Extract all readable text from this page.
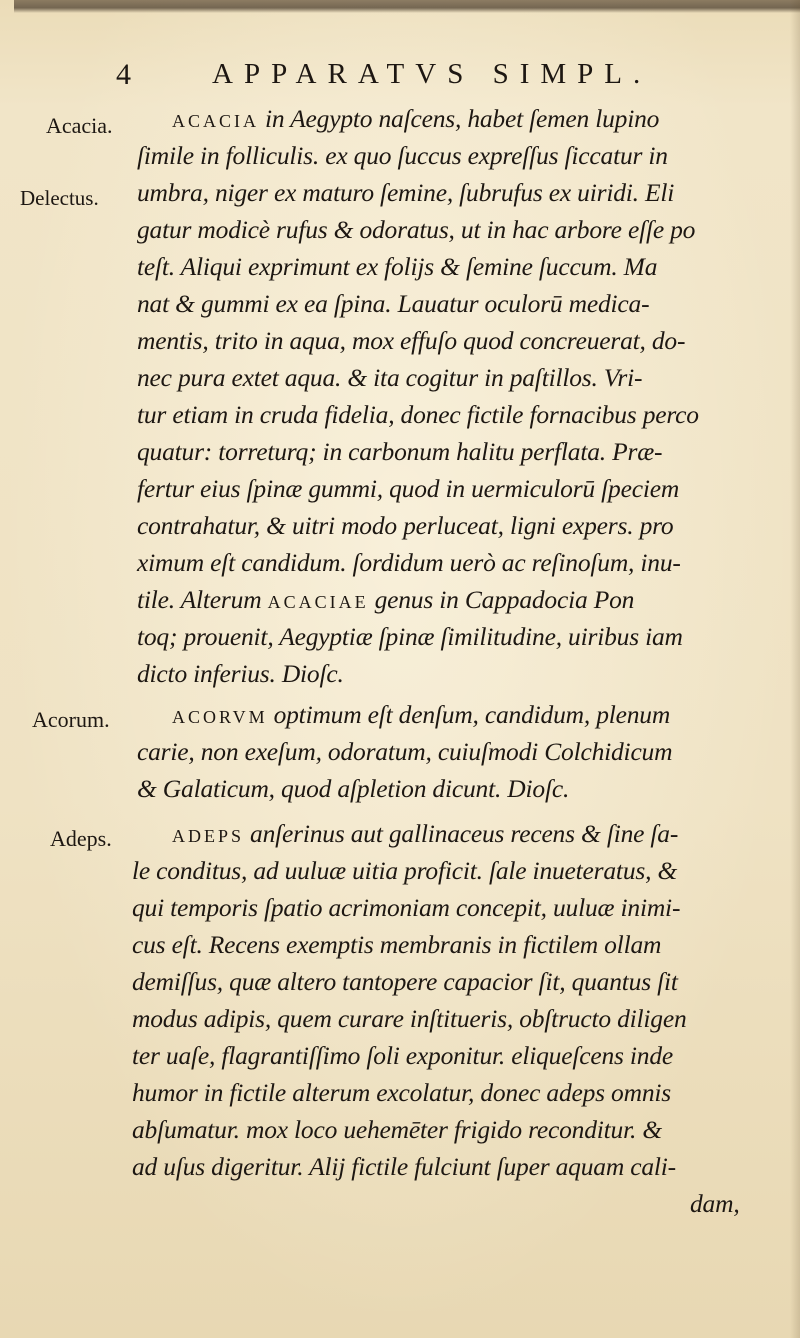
4	APPARATVS SIMPL.
Acacia.
Delectus.
ACACIA in Aegypto naſcens, habet ſemen lupino
ſimile in folliculis. ex quo ſuccus expreſſus ſiccatur in
umbra, niger ex maturo ſemine, ſubrufus ex uiridi. Eli
gatur modicè rufus & odoratus, ut in hac arbore eſſe po
teſt. Aliqui exprimunt ex folijs & ſemine ſuccum. Ma
nat & gummi ex ea ſpina. Lauatur oculorū medica-
mentis, trito in aqua, mox effuſo quod concreuerat, do-
nec pura extet aqua. & ita cogitur in paſtillos. Vri-
tur etiam in cruda fidelia, donec fictile fornacibus perco
quatur: torreturq; in carbonum halitu perflata. Præ-
fertur eius ſpinæ gummi, quod in uermiculorū ſpeciem
contrahatur, & uitri modo perluceat, ligni expers. pro
ximum eſt candidum. ſordidum uerò ac reſinoſum, inu-
tile. Alterum ACACIAE genus in Cappadocia Pon
toq; prouenit, Aegyptiæ ſpinæ ſimilitudine, uiribus iam
dicto inferius. Dioſc.
Acorum.	ACORVM optimum eſt denſum, candidum, plenum
carie, non exeſum, odoratum, cuiuſmodi Colchidicum
& Galaticum, quod aſpletion dicunt. Dioſc.
Adeps.	ADEPS anſerinus aut gallinaceus recens & ſine ſa-
le conditus, ad uuluæ uitia proficit. ſale inueteratus, &
qui temporis ſpatio acrimoniam concepit, uuluæ inimi-
cus eſt. Recens exemptis membranis in fictilem ollam
demiſſus, quæ altero tantopere capacior ſit, quantus ſit
modus adipis, quem curare inſtitueris, obſtructo diligen
ter uaſe, flagrantiſſimo ſoli exponitur. eliqueſcens inde
humor in fictile alterum excolatur, donec adeps omnis
abſumatur. mox loco uehemēter frigido reconditur. &
ad uſus digeritur. Alij fictile fulciunt ſuper aquam cali-
dam,
